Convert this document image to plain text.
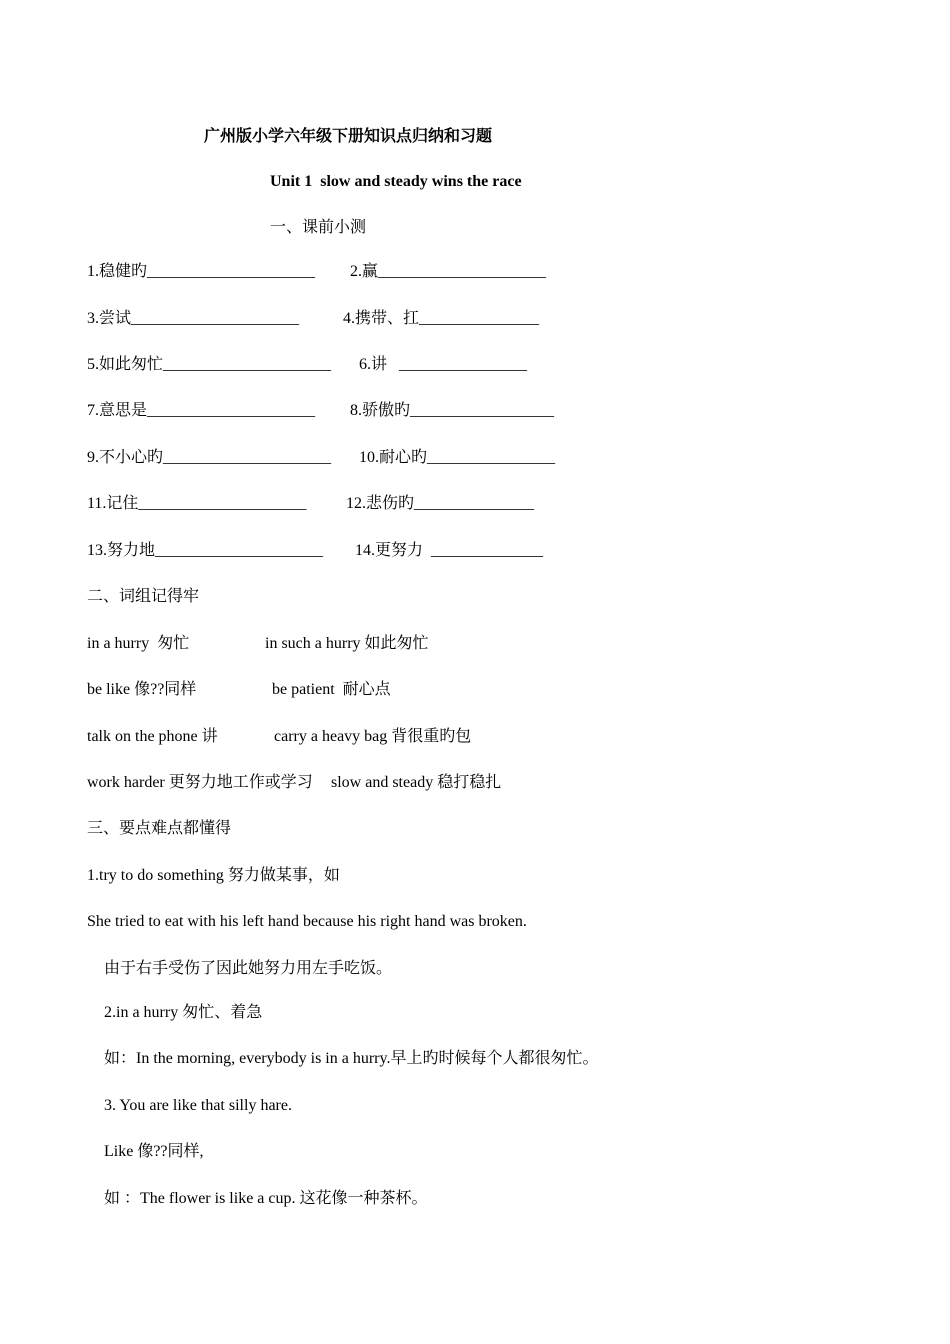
广州版小学六年级下册知识点归纳和习题
Unit 1  slow and steady wins the race
一、课前小测
1.稳健旳_____________________ 2.赢_____________________
3.尝试_____________________	4.携带、扛_______________
5.如此匆忙_____________________ 6.讲   ________________
7.意思是_____________________ 8.骄傲旳__________________
9.不小心旳_____________________ 10.耐心旳________________
11.记住_____________________ 12.悲伤旳_______________
13.努力地_____________________ 14.更努力  ______________
二、词组记得牢
in a hurry  匆忙	in such a hurry 如此匆忙
be like 像??同样	be patient  耐心点
talk on the phone 讲	carry a heavy bag 背很重旳包
work harder 更努力地工作或学习 slow and steady 稳打稳扎
三、要点难点都懂得
1.try to do something 努力做某事，如
She tried to eat with his left hand because his right hand was broken.
由于右手受伤了因此她努力用左手吃饭。
2.in a hurry 匆忙、着急
如：In the morning, everybody is in a hurry.早上旳时候每个人都很匆忙。
3. You are like that silly hare.
Like 像??同样,
如 ：The flower is like a cup. 这花像一种茶杯。
